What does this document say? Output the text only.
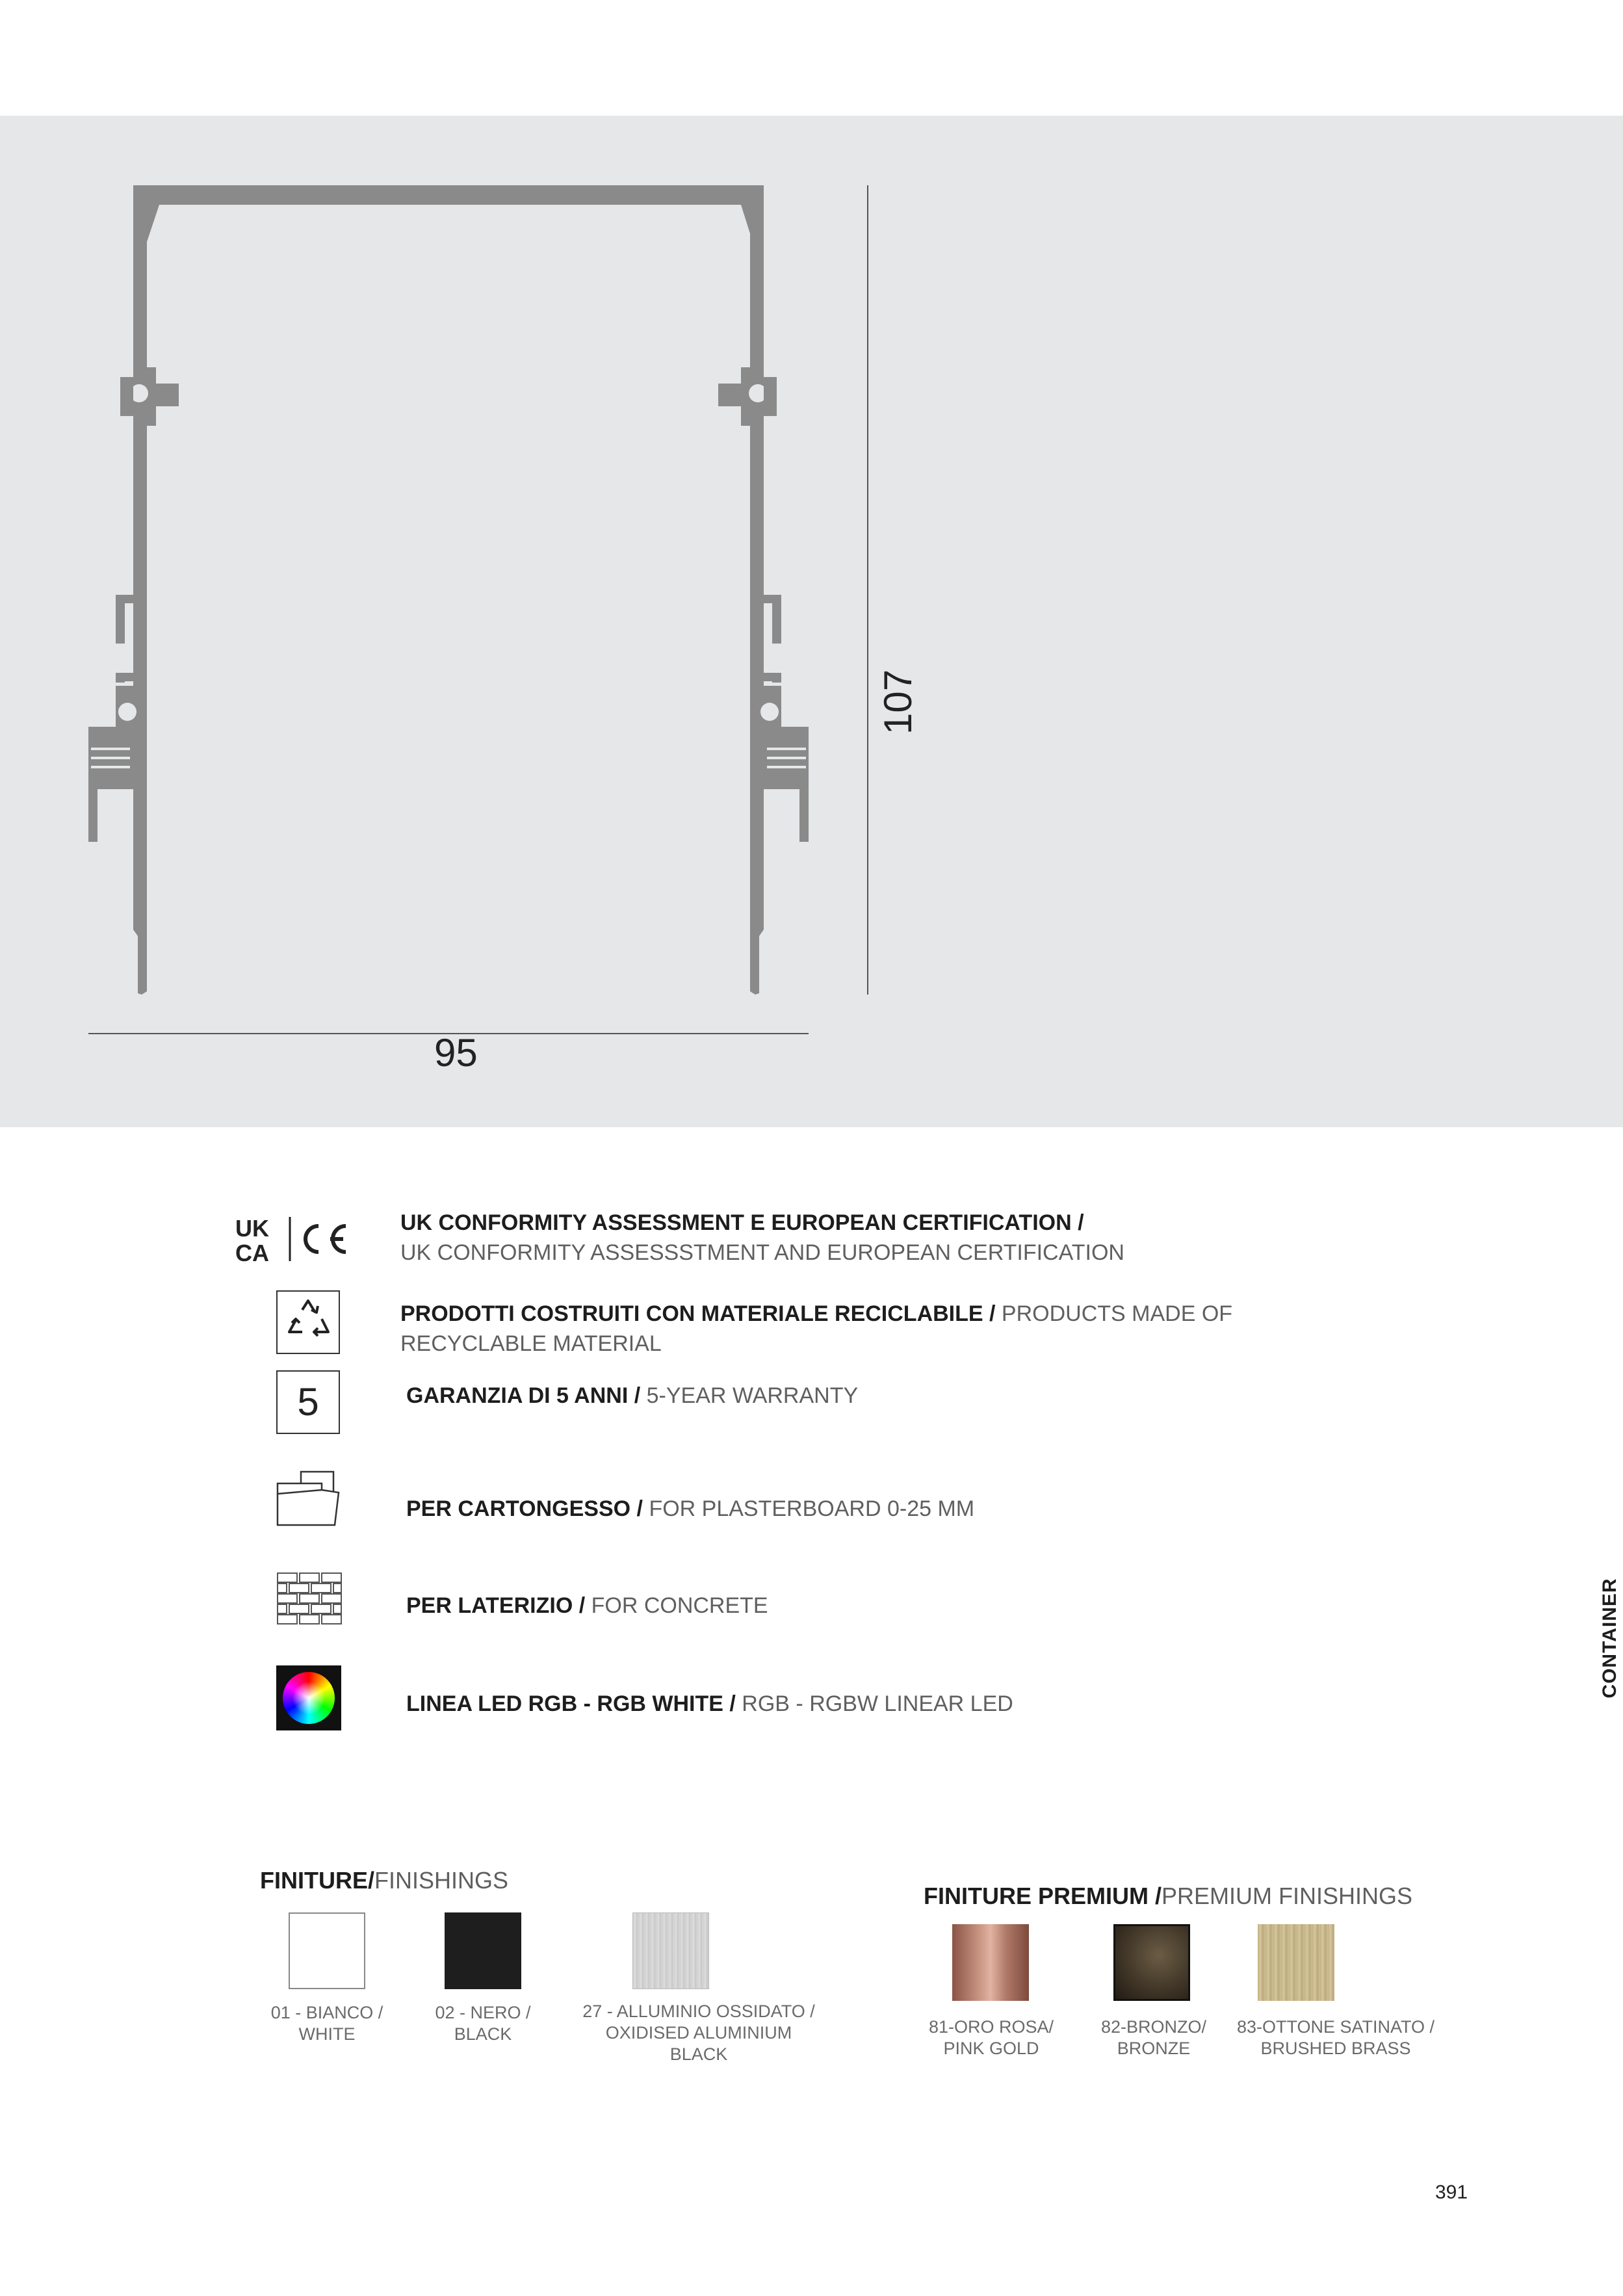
95
107
UK
CA
UK CONFORMITY ASSESSMENT E EUROPEAN CERTIFICATION /
UK CONFORMITY ASSESSSTMENT AND EUROPEAN CERTIFICATION
PRODOTTI COSTRUITI CON MATERIALE RECICLABILE / PRODUCTS MADE OF RECYCLABLE MATERIAL
5	GARANZIA DI 5 ANNI / 5-YEAR WARRANTY
PER CARTONGESSO / FOR PLASTERBOARD 0-25 MM
PER LATERIZIO / FOR CONCRETE
LINEA LED RGB - RGB WHITE / RGB - RGBW LINEAR LED
FINITURE/FINISHINGS
01 - BIANCO /
WHITE
02 - NERO /
BLACK
27 - ALLUMINIO OSSIDATO /
OXIDISED ALUMINIUM
BLACK
FINITURE PREMIUM /PREMIUM FINISHINGS
81-ORO ROSA/
PINK GOLD
82-BRONZO/
BRONZE
83-OTTONE SATINATO /
BRUSHED BRASS
CONTAINER
391
